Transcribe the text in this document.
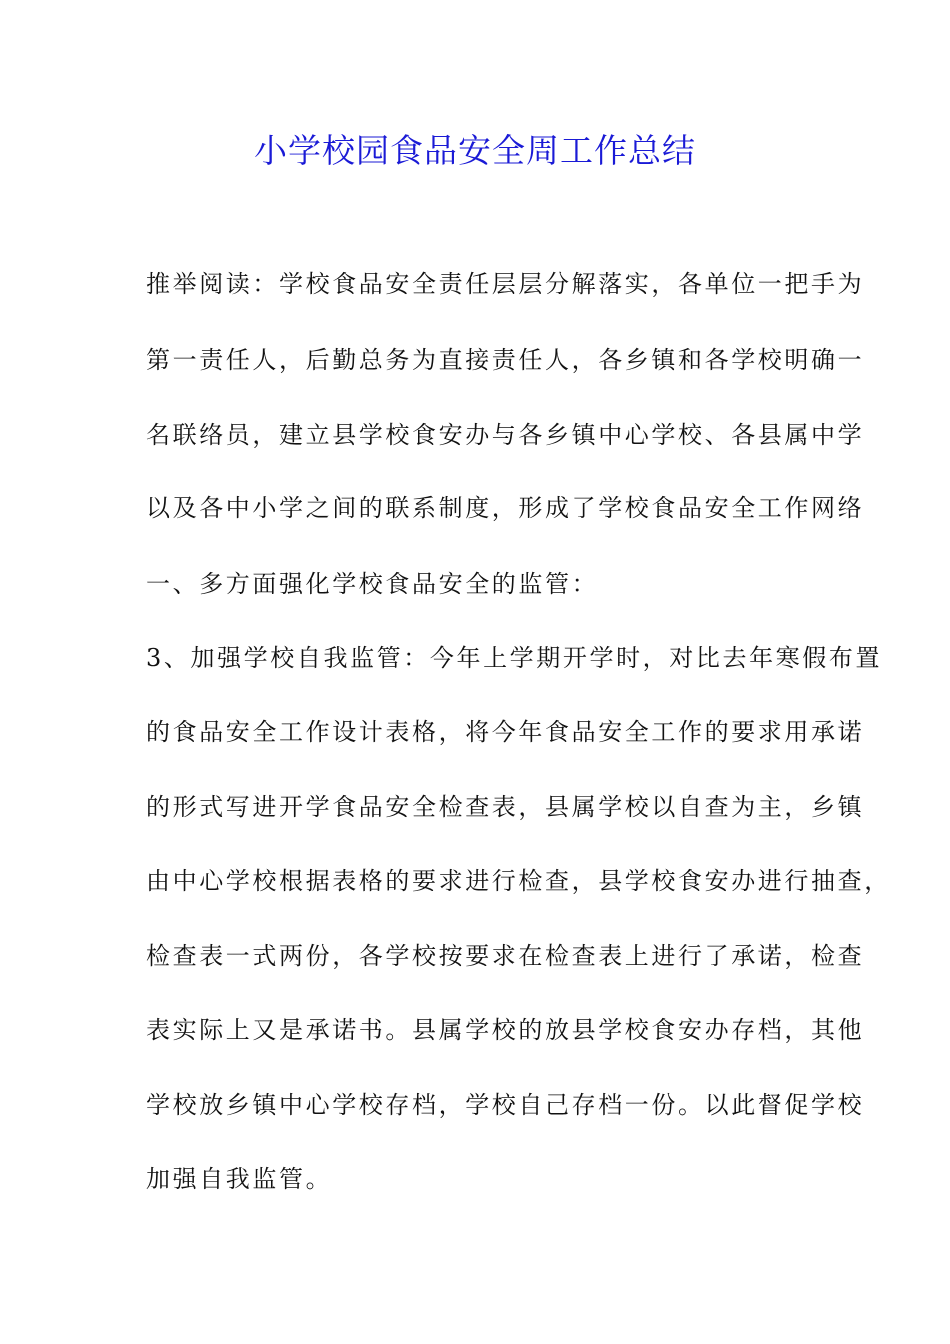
小学校园食品安全周工作总结

推举阅读：学校食品安全责任层层分解落实，各单位一把手为

第一责任人，后勤总务为直接责任人，各乡镇和各学校明确一

名联络员，建立县学校食安办与各乡镇中心学校、各县属中学

以及各中小学之间的联系制度，形成了学校食品安全工作网络

一、多方面强化学校食品安全的监管：

3、加强学校自我监管：今年上学期开学时，对比去年寒假布置

的食品安全工作设计表格，将今年食品安全工作的要求用承诺

的形式写进开学食品安全检查表，县属学校以自查为主，乡镇

由中心学校根据表格的要求进行检查，县学校食安办进行抽查，

检查表一式两份，各学校按要求在检查表上进行了承诺，检查

表实际上又是承诺书。县属学校的放县学校食安办存档，其他

学校放乡镇中心学校存档，学校自己存档一份。以此督促学校

加强自我监管。
